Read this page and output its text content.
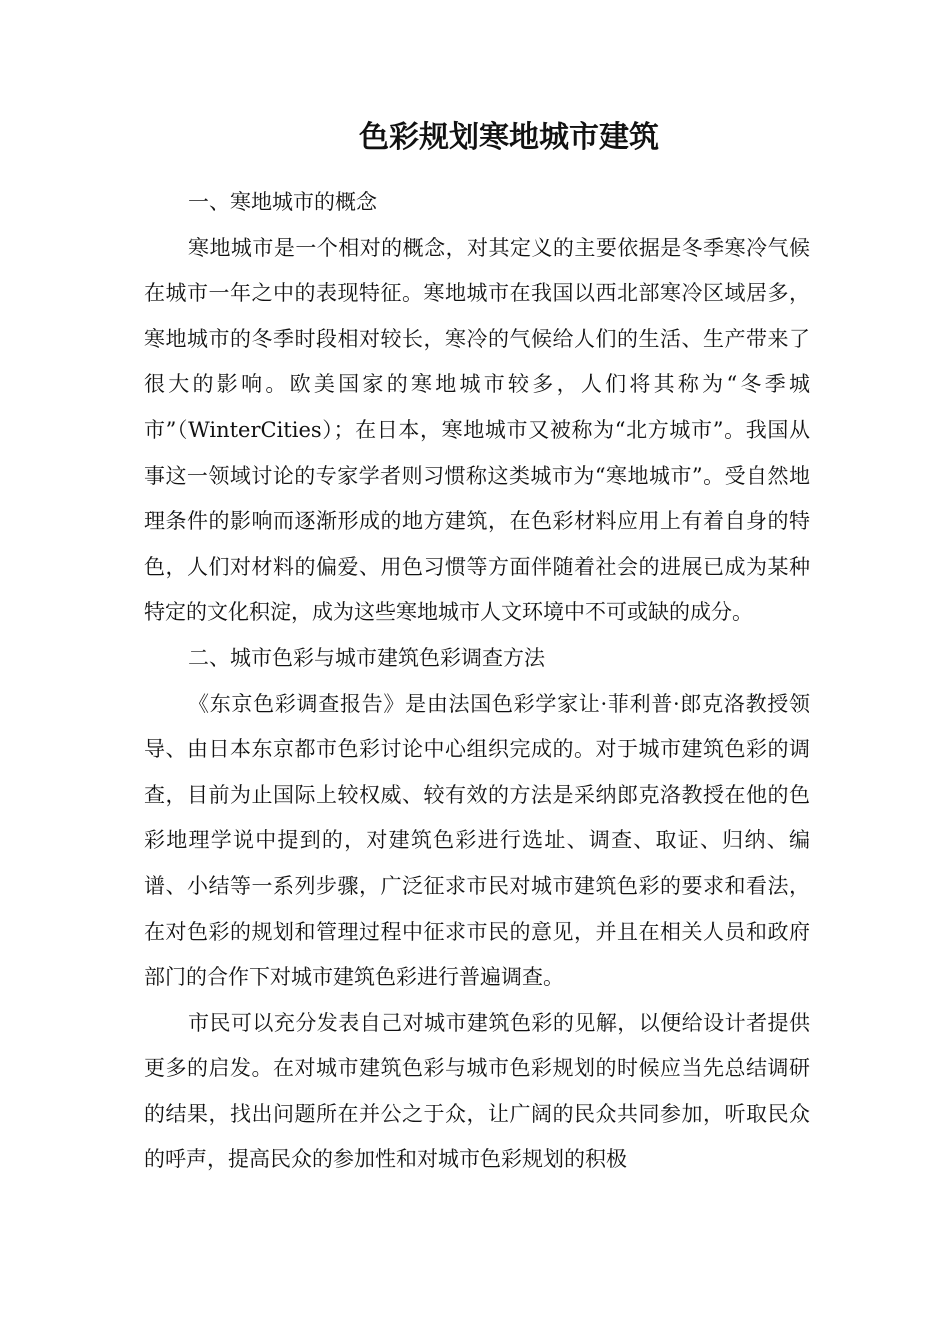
色彩规划寒地城市建筑

一、寒地城市的概念

寒地城市是一个相对的概念，对其定义的主要依据是冬季寒冷气候在城市一年之中的表现特征。寒地城市在我国以西北部寒冷区域居多，寒地城市的冬季时段相对较长，寒冷的气候给人们的生活、生产带来了很大的影响。欧美国家的寒地城市较多，人们将其称为“冬季城市”（WinterCities）；在日本，寒地城市又被称为“北方城市”。我国从事这一领域讨论的专家学者则习惯称这类城市为“寒地城市”。受自然地理条件的影响而逐渐形成的地方建筑，在色彩材料应用上有着自身的特色，人们对材料的偏爱、用色习惯等方面伴随着社会的进展已成为某种特定的文化积淀，成为这些寒地城市人文环境中不可或缺的成分。

二、城市色彩与城市建筑色彩调查方法

《东京色彩调查报告》是由法国色彩学家让·菲利普·郎克洛教授领导、由日本东京都市色彩讨论中心组织完成的。对于城市建筑色彩的调查，目前为止国际上较权威、较有效的方法是采纳郎克洛教授在他的色彩地理学说中提到的，对建筑色彩进行选址、调查、取证、归纳、编谱、小结等一系列步骤，广泛征求市民对城市建筑色彩的要求和看法，在对色彩的规划和管理过程中征求市民的意见，并且在相关人员和政府部门的合作下对城市建筑色彩进行普遍调查。

市民可以充分发表自己对城市建筑色彩的见解，以便给设计者提供更多的启发。在对城市建筑色彩与城市色彩规划的时候应当先总结调研的结果，找出问题所在并公之于众，让广阔的民众共同参加，听取民众的呼声，提高民众的参加性和对城市色彩规划的积极
